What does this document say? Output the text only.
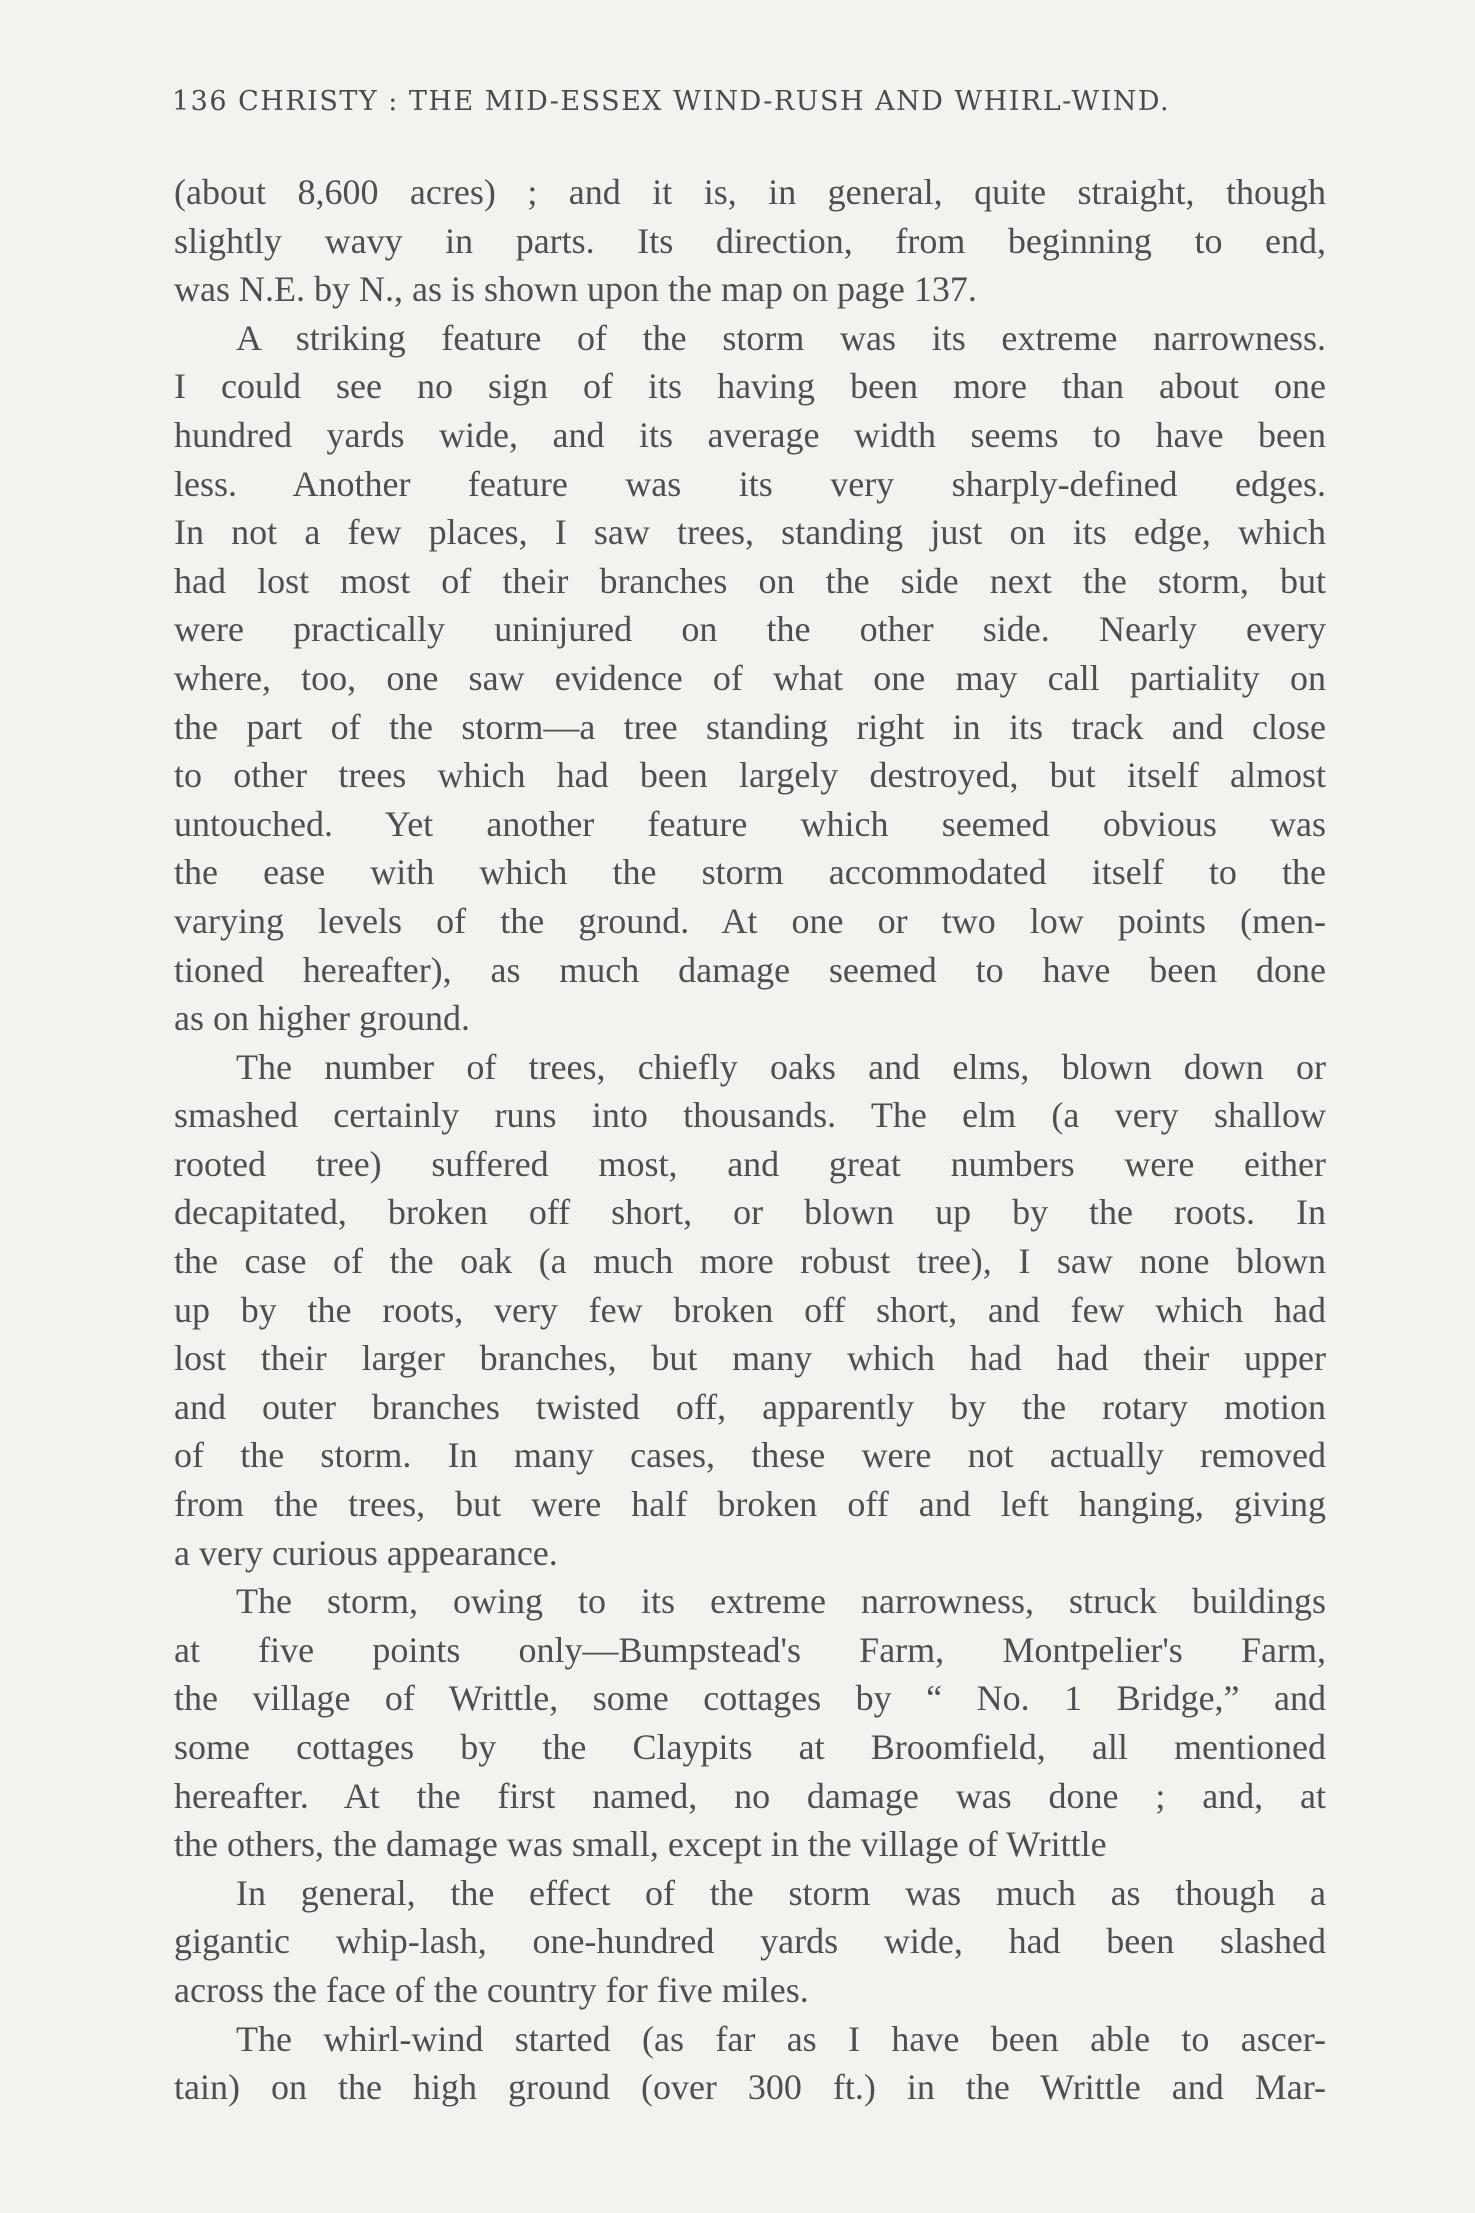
136 CHRISTY : THE MID-ESSEX WIND-RUSH AND WHIRL-WIND.

(about 8,600 acres) ; and it is, in general, quite straight, though
slightly wavy in parts. Its direction, from beginning to end,
was N.E. by N., as is shown upon the map on page 137.

A striking feature of the storm was its extreme narrowness.
I could see no sign of its having been more than about one
hundred yards wide, and its average width seems to have been
less. Another feature was its very sharply-defined edges.
In not a few places, I saw trees, standing just on its edge, which
had lost most of their branches on the side next the storm, but
were practically uninjured on the other side. Nearly every
where, too, one saw evidence of what one may call partiality on
the part of the storm—a tree standing right in its track and close
to other trees which had been largely destroyed, but itself almost
untouched. Yet another feature which seemed obvious was
the ease with which the storm accommodated itself to the
varying levels of the ground. At one or two low points (men-
tioned hereafter), as much damage seemed to have been done
as on higher ground.

The number of trees, chiefly oaks and elms, blown down or
smashed certainly runs into thousands. The elm (a very shallow
rooted tree) suffered most, and great numbers were either
decapitated, broken off short, or blown up by the roots. In
the case of the oak (a much more robust tree), I saw none blown
up by the roots, very few broken off short, and few which had
lost their larger branches, but many which had had their upper
and outer branches twisted off, apparently by the rotary motion
of the storm. In many cases, these were not actually removed
from the trees, but were half broken off and left hanging, giving
a very curious appearance.

The storm, owing to its extreme narrowness, struck buildings
at five points only—Bumpstead's Farm, Montpelier's Farm,
the village of Writtle, some cottages by “ No. 1 Bridge,” and
some cottages by the Claypits at Broomfield, all mentioned
hereafter. At the first named, no damage was done ; and, at
the others, the damage was small, except in the village of Writtle

In general, the effect of the storm was much as though a
gigantic whip-lash, one-hundred yards wide, had been slashed
across the face of the country for five miles.

The whirl-wind started (as far as I have been able to ascer-
tain) on the high ground (over 300 ft.) in the Writtle and Mar-
